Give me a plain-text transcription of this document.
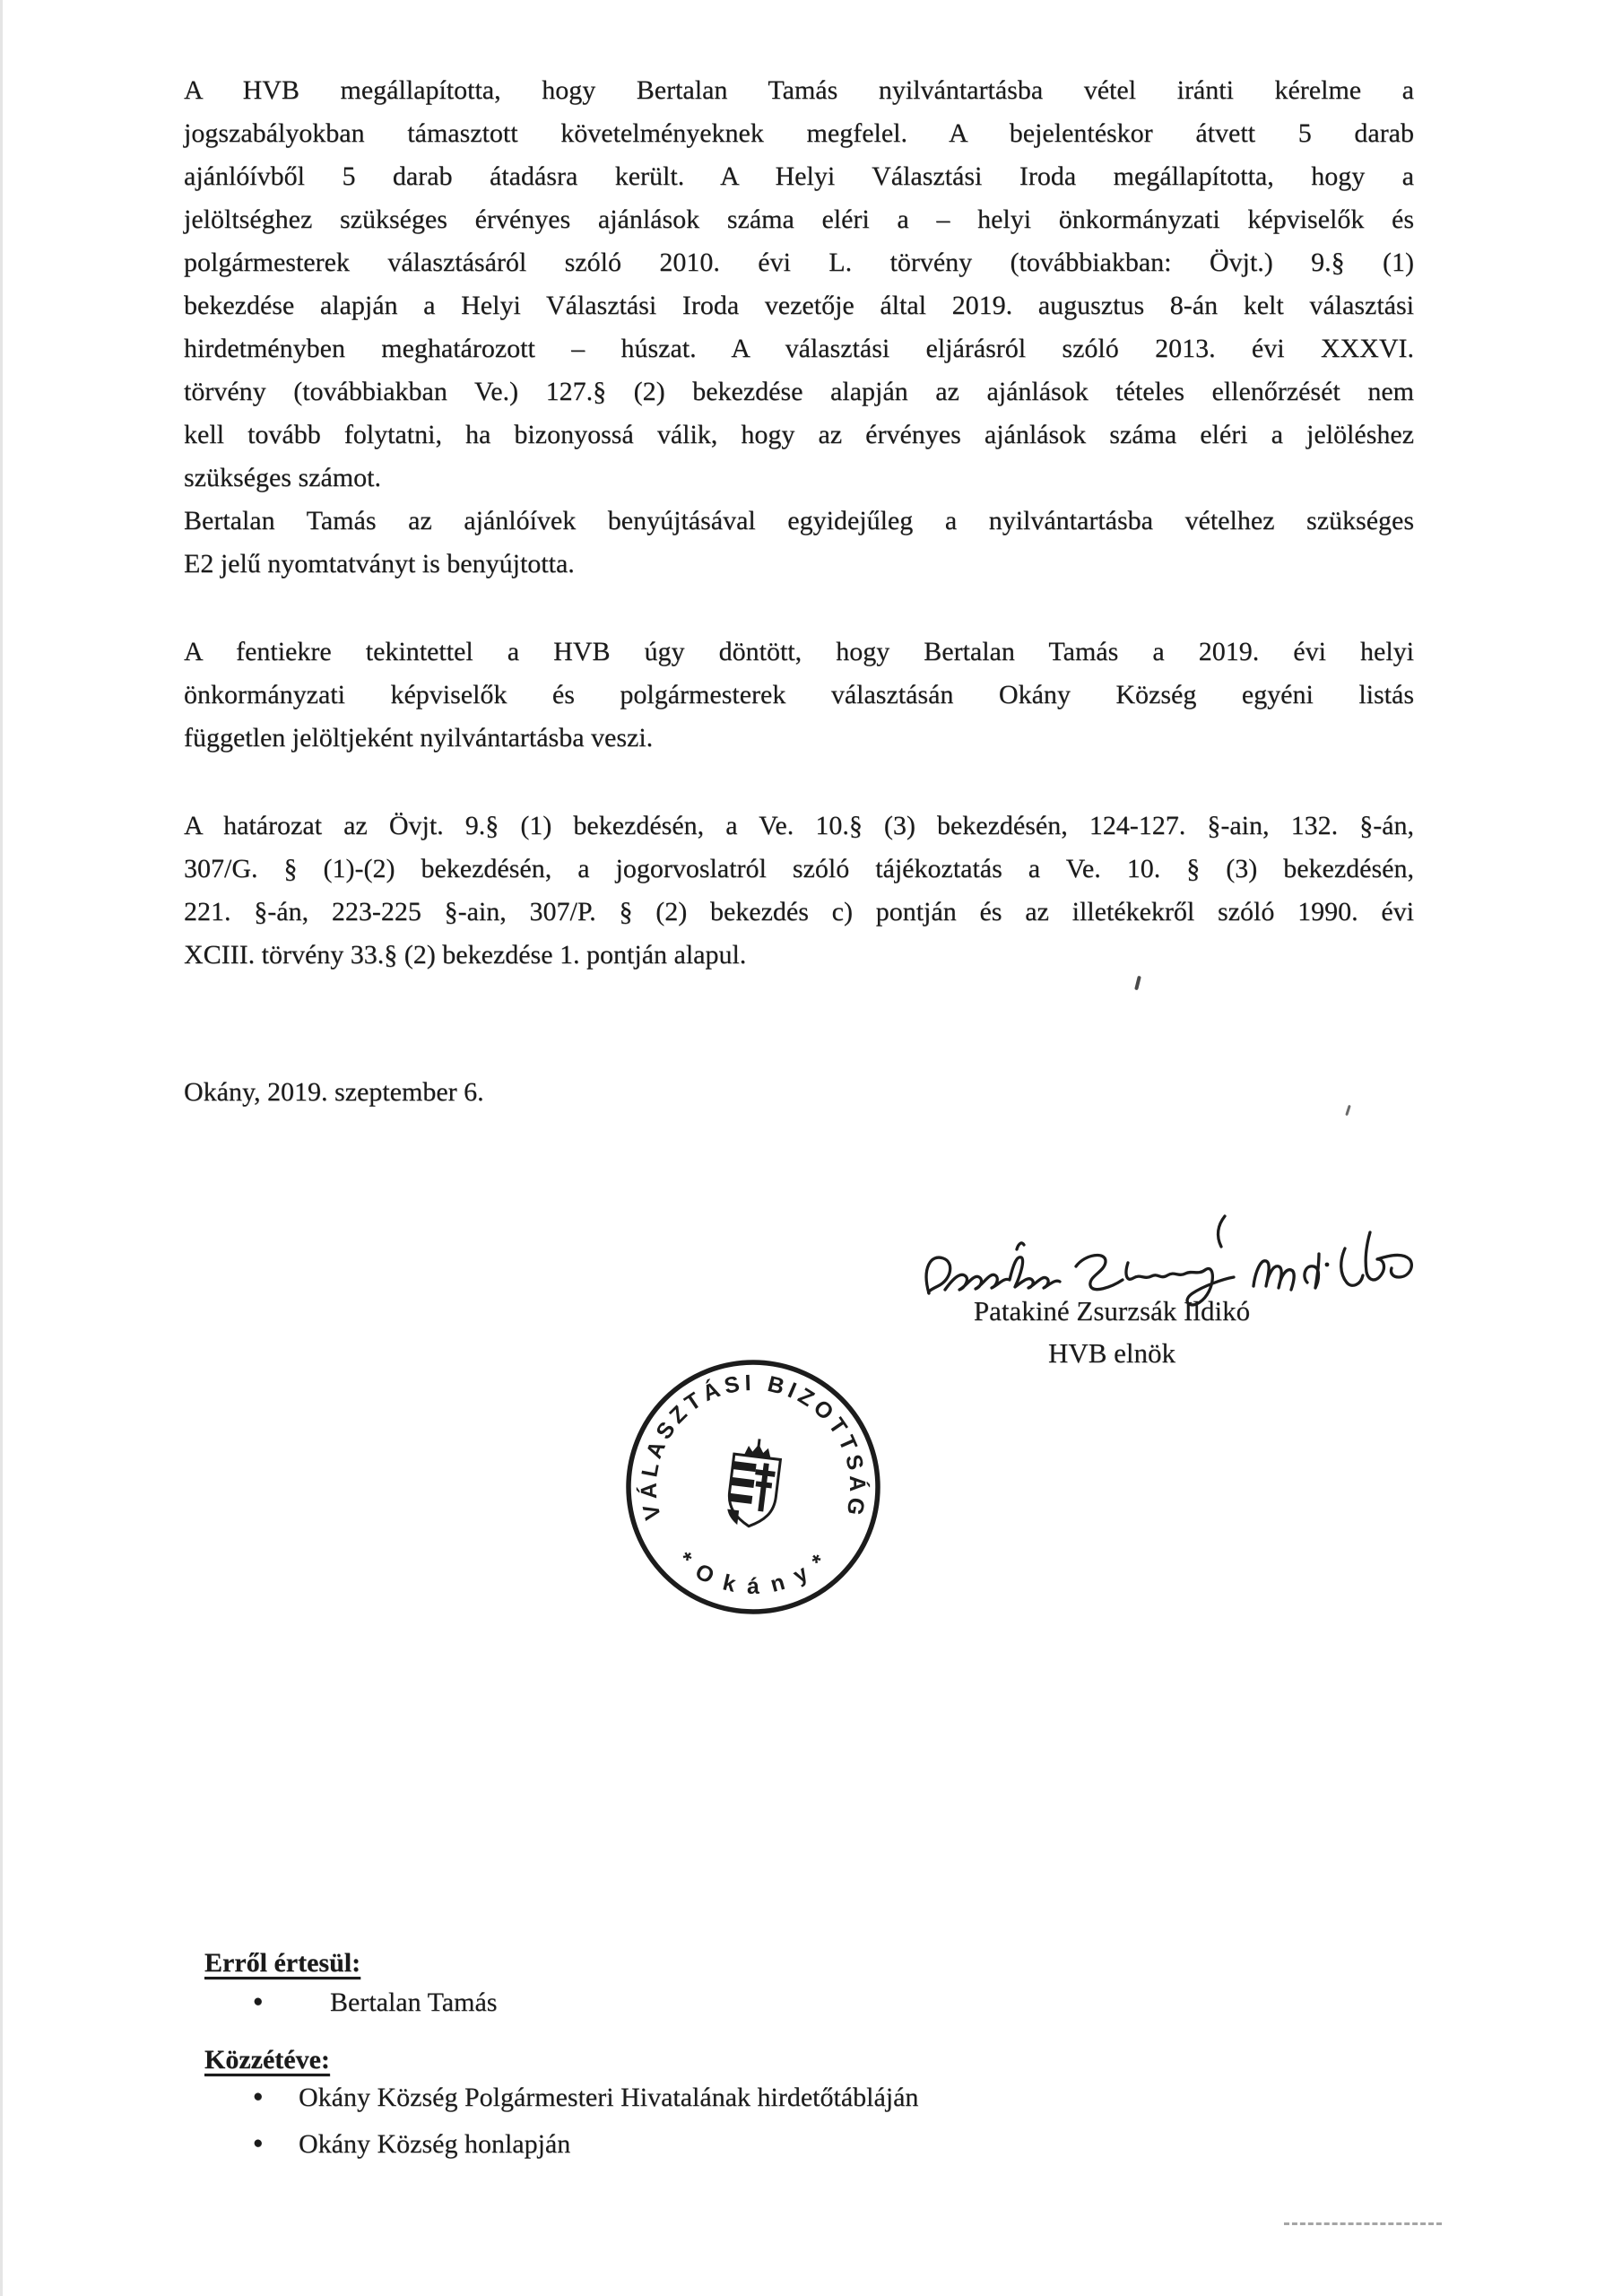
A HVB megállapította, hogy Bertalan Tamás nyilvántartásba vétel iránti kérelme a
jogszabályokban támasztott követelményeknek megfelel. A bejelentéskor átvett 5 darab
ajánlóívből 5 darab átadásra került. A Helyi Választási Iroda megállapította, hogy a
jelöltséghez szükséges érvényes ajánlások száma eléri a – helyi önkormányzati képviselők és
polgármesterek választásáról szóló 2010. évi L. törvény (továbbiakban: Övjt.) 9.§ (1)
bekezdése alapján a Helyi Választási Iroda vezetője által 2019. augusztus 8-án kelt választási
hirdetményben meghatározott – húszat. A választási eljárásról szóló 2013. évi XXXVI.
törvény (továbbiakban Ve.) 127.§ (2) bekezdése alapján az ajánlások tételes ellenőrzését nem
kell tovább folytatni, ha bizonyossá válik, hogy az érvényes ajánlások száma eléri a jelöléshez
szükséges számot.
Bertalan Tamás az ajánlóívek benyújtásával egyidejűleg a nyilvántartásba vételhez szükséges
E2 jelű nyomtatványt is benyújtotta.
A fentiekre tekintettel a HVB úgy döntött, hogy Bertalan Tamás a 2019. évi helyi
önkormányzati képviselők és polgármesterek választásán Okány Község egyéni listás
független jelöltjeként nyilvántartásba veszi.
A határozat az Övjt. 9.§ (1) bekezdésén, a Ve. 10.§ (3) bekezdésén, 124-127. §-ain, 132. §-án,
307/G. § (1)-(2) bekezdésén, a jogorvoslatról szóló tájékoztatás a Ve. 10. § (3) bekezdésén,
221. §-án, 223-225 §-ain, 307/P. § (2) bekezdés c) pontján és az illetékekről szóló 1990. évi
XCIII. törvény 33.§ (2) bekezdése 1. pontján alapul.
Okány, 2019. szeptember 6.
Patakiné Zsurzsák Ildikó
HVB elnök
VÁLASZTÁSI BIZOTTSÁG
* O k á n y *
Erről értesül:
● Bertalan Tamás
Közzétéve:
● Okány Község Polgármesteri Hivatalának hirdetőtábláján
● Okány Község honlapján
